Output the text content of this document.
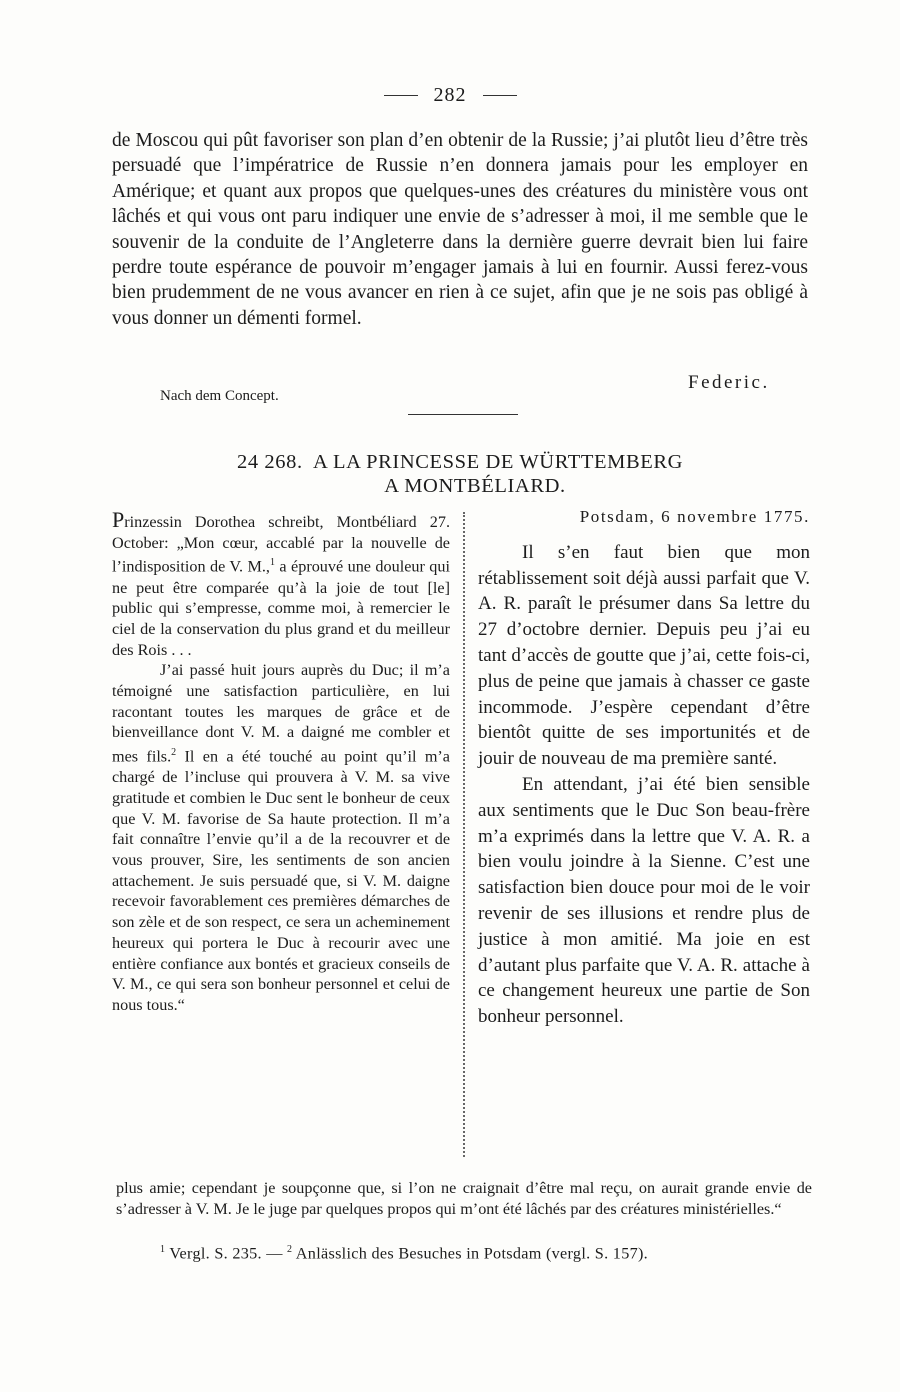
282

de Moscou qui pût favoriser son plan d’en obtenir de la Russie; j’ai plutôt lieu d’être très persuadé que l’impératrice de Russie n’en donnera jamais pour les employer en Amérique; et quant aux propos que quelques-unes des créatures du ministère vous ont lâchés et qui vous ont paru indiquer une envie de s’adresser à moi, il me semble que le souvenir de la conduite de l’Angleterre dans la dernière guerre devrait bien lui faire perdre toute espérance de pouvoir m’engager jamais à lui en fournir. Aussi ferez-vous bien prudemment de ne vous avancer en rien à ce sujet, afin que je ne sois pas obligé à vous donner un démenti formel.

Federic.
Nach dem Concept.
24 268. A LA PRINCESSE DE WÜRTTEMBERG
A MONTBÉLIARD.

Prinzessin Dorothea schreibt, Montbéliard 27. October: „Mon cœur, accablé par la nouvelle de l’indisposition de V. M.,$^1$ a éprouvé une douleur qui ne peut être comparée qu’à la joie de tout [le] public qui s’empresse, comme moi, à remercier le ciel de la conservation du plus grand et du meilleur des Rois . . .

J’ai passé huit jours auprès du Duc; il m’a témoigné une satisfaction particulière, en lui racontant toutes les marques de grâce et de bienveillance dont V. M. a daigné me combler et mes fils.$^2$ Il en a été touché au point qu’il m’a chargé de l’incluse qui prouvera à V. M. sa vive gratitude et combien le Duc sent le bonheur de ceux que V. M. favorise de Sa haute protection. Il m’a fait connaître l’envie qu’il a de la recouvrer et de vous prouver, Sire, les sentiments de son ancien attachement. Je suis persuadé que, si V. M. daigne recevoir favorablement ces premières démarches de son zèle et de son respect, ce sera un acheminement heureux qui portera le Duc à recourir avec une entière confiance aux bontés et gracieux conseils de V. M., ce qui sera son bonheur personnel et celui de nous tous.“

Potsdam, 6 novembre 1775.

Il s’en faut bien que mon rétablissement soit déjà aussi parfait que V. A. R. paraît le présumer dans Sa lettre du 27 d’octobre dernier. Depuis peu j’ai eu tant d’accès de goutte que j’ai, cette fois-ci, plus de peine que jamais à chasser ce gaste incommode. J’espère cependant d’être bientôt quitte de ses importunités et de jouir de nouveau de ma première santé.

En attendant, j’ai été bien sensible aux sentiments que le Duc Son beau-frère m’a exprimés dans la lettre que V. A. R. a bien voulu joindre à la Sienne. C’est une satisfaction bien douce pour moi de le voir revenir de ses illusions et rendre plus de justice à mon amitié. Ma joie en est d’autant plus parfaite que V. A. R. attache à ce changement heureux une partie de Son bonheur personnel.

plus amie; cependant je soupçonne que, si l’on ne craignait d’être mal reçu, on aurait grande envie de s’adresser à V. M. Je le juge par quelques propos qui m’ont été lâchés par des créatures ministérielles.“
$^1$ Vergl. S. 235. — $^2$ Anlässlich des Besuches in Potsdam (vergl. S. 157).
